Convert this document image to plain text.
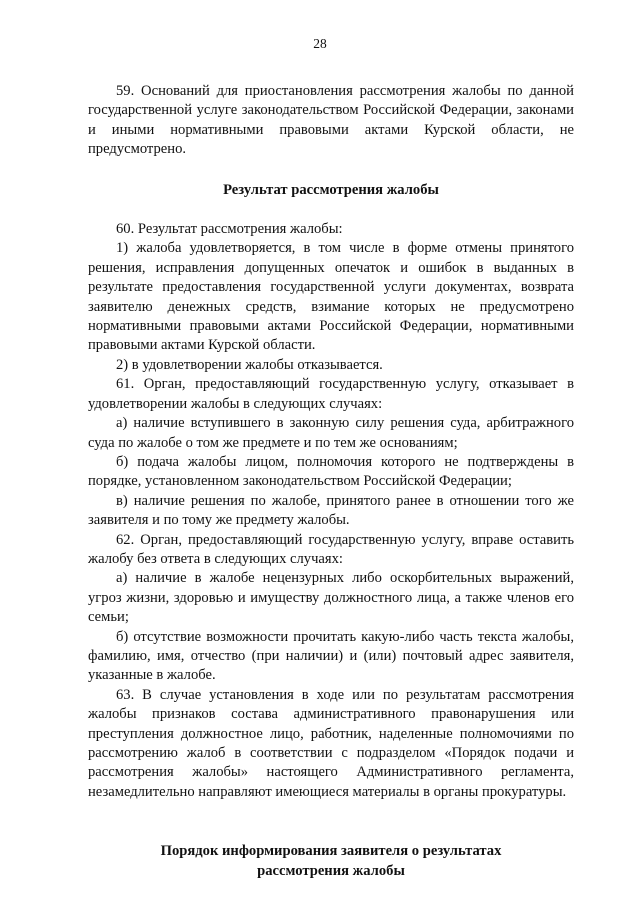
28

59. Оснований для приостановления рассмотрения жалобы по данной государственной услуге законодательством Российской Федерации, законами и иными нормативными правовыми актами Курской области, не предусмотрено.

Результат рассмотрения жалобы

60. Результат рассмотрения жалобы:

1) жалоба удовлетворяется, в том числе в форме отмены принятого решения, исправления допущенных опечаток и ошибок в выданных в результате предоставления государственной услуги документах, возврата заявителю денежных средств, взимание которых не предусмотрено нормативными правовыми актами Российской Федерации, нормативными правовыми актами Курской области.

2) в удовлетворении жалобы отказывается.

61. Орган, предоставляющий государственную услугу, отказывает в удовлетворении жалобы в следующих случаях:

а) наличие вступившего в законную силу решения суда, арбитражного суда по жалобе о том же предмете и по тем же основаниям;

б) подача жалобы лицом, полномочия которого не подтверждены в порядке, установленном законодательством Российской Федерации;

в) наличие решения по жалобе, принятого ранее в отношении того же заявителя и по тому же предмету жалобы.

62. Орган, предоставляющий государственную услугу, вправе оставить жалобу без ответа в следующих случаях:

а) наличие в жалобе нецензурных либо оскорбительных выражений, угроз жизни, здоровью и имуществу должностного лица, а также членов его семьи;

б) отсутствие возможности прочитать какую-либо часть текста жалобы, фамилию, имя, отчество (при наличии) и (или) почтовый адрес заявителя, указанные в жалобе.

63. В случае установления в ходе или по результатам рассмотрения жалобы признаков состава административного правонарушения или преступления должностное лицо, работник, наделенные полномочиями по рассмотрению жалоб в соответствии с подразделом «Порядок подачи и рассмотрения жалобы» настоящего Административного регламента, незамедлительно направляют имеющиеся материалы в органы прокуратуры.

Порядок информирования заявителя о результатах
рассмотрения жалобы
